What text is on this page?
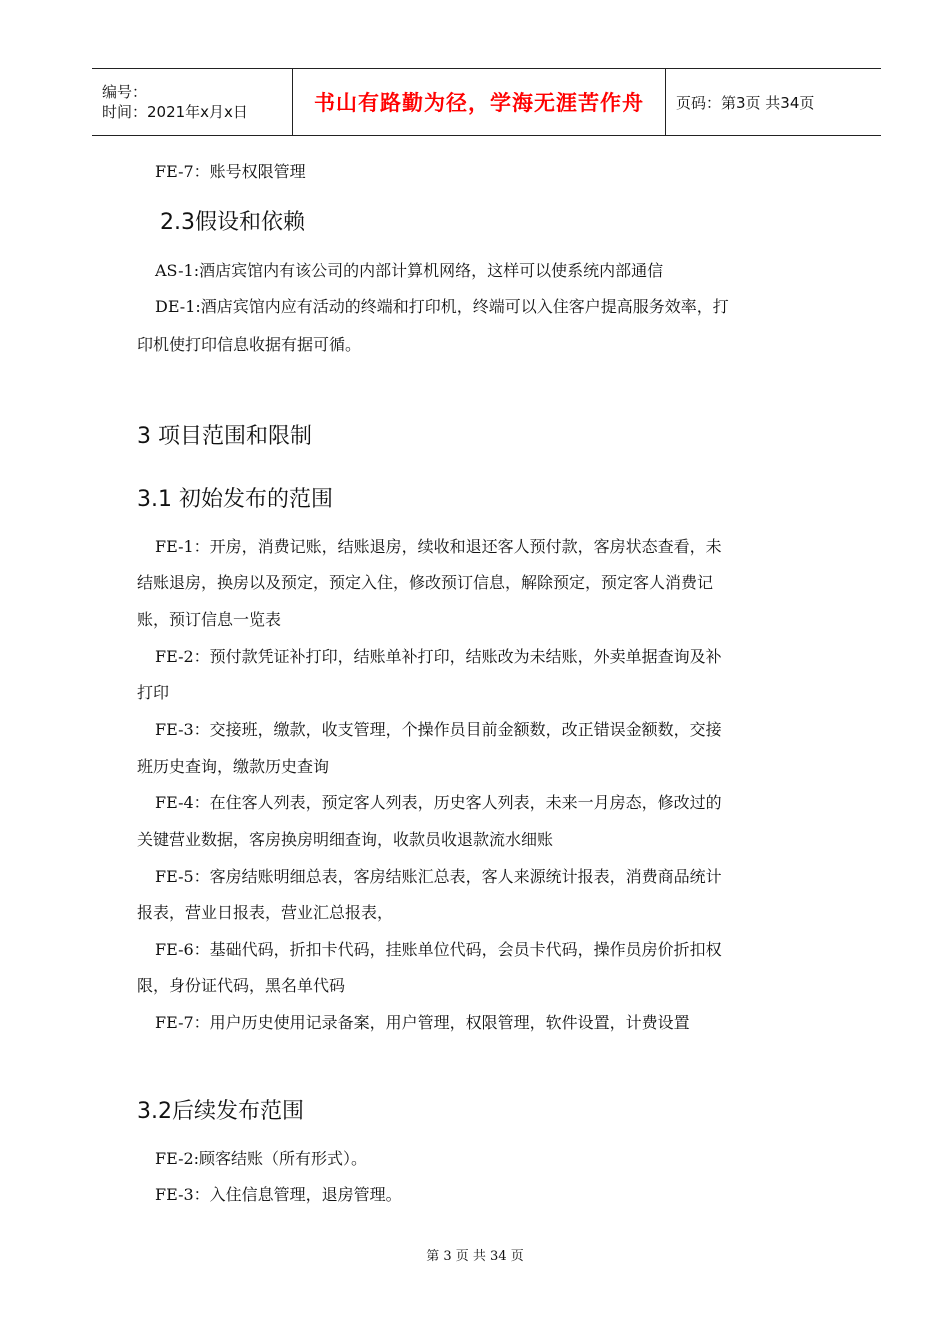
编号：
时间：2021年x月x日	书山有路勤为径，学海无涯苦作舟	页码：第3页 共34页
FE-7：账号权限管理
2.3假设和依赖
AS-1:酒店宾馆内有该公司的内部计算机网络，这样可以使系统内部通信
DE-1:酒店宾馆内应有活动的终端和打印机，终端可以入住客户提高服务效率，打
印机使打印信息收据有据可循。
3 项目范围和限制
3.1 初始发布的范围
FE-1：开房，消费记账，结账退房，续收和退还客人预付款，客房状态查看，未
结账退房，换房以及预定，预定入住，修改预订信息，解除预定，预定客人消费记
账，预订信息一览表
FE-2：预付款凭证补打印，结账单补打印，结账改为未结账，外卖单据查询及补
打印
FE-3：交接班，缴款，收支管理，个操作员目前金额数，改正错误金额数，交接
班历史查询，缴款历史查询
FE-4：在住客人列表，预定客人列表，历史客人列表，未来一月房态，修改过的
关键营业数据，客房换房明细查询，收款员收退款流水细账
FE-5：客房结账明细总表，客房结账汇总表，客人来源统计报表，消费商品统计
报表，营业日报表，营业汇总报表，
FE-6：基础代码，折扣卡代码，挂账单位代码，会员卡代码，操作员房价折扣权
限，身份证代码，黑名单代码
FE-7：用户历史使用记录备案，用户管理，权限管理，软件设置，计费设置
3.2后续发布范围
FE-2:顾客结账（所有形式）。
FE-3：入住信息管理，退房管理。
第 3 页 共 34 页
